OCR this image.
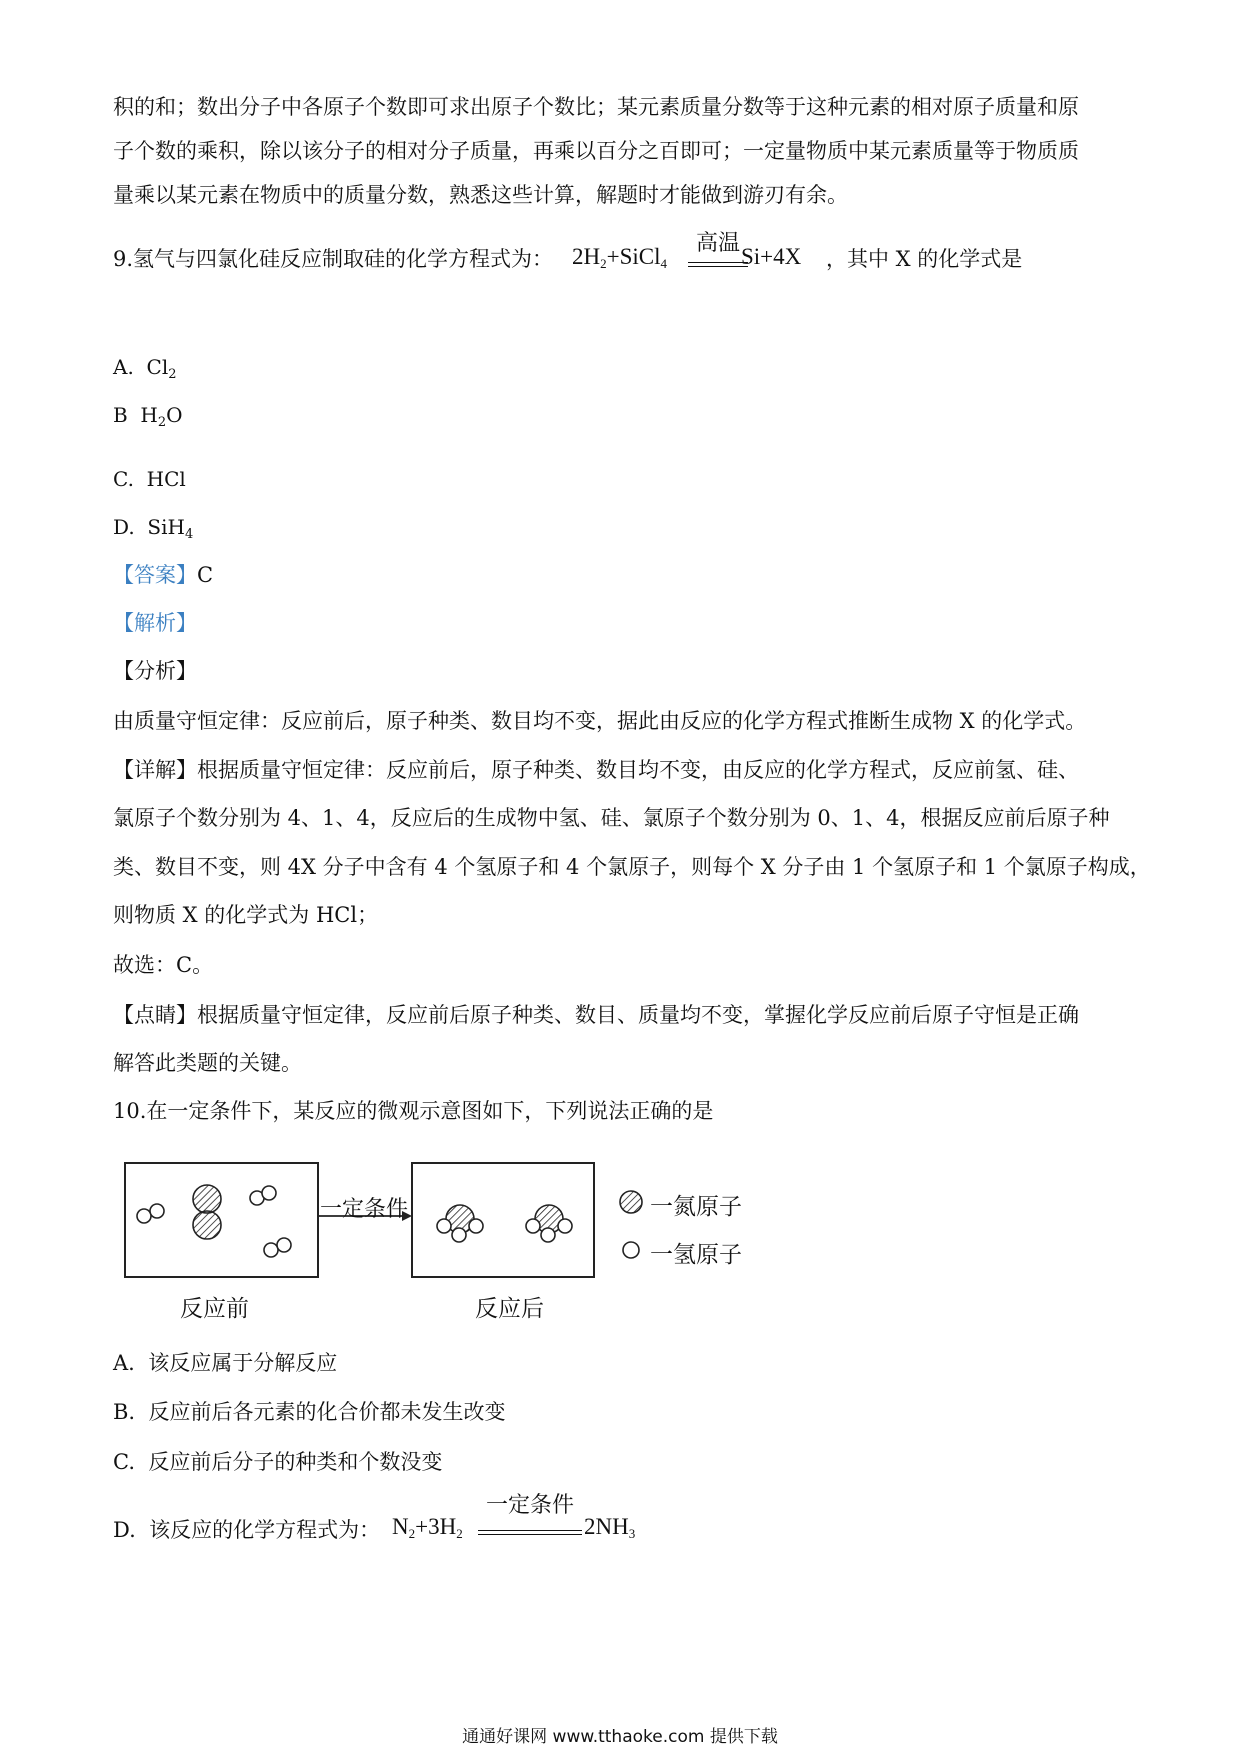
积的和；数出分子中各原子个数即可求出原子个数比；某元素质量分数等于这种元素的相对原子质量和原
子个数的乘积，除以该分子的相对分子质量，再乘以百分之百即可；一定量物质中某元素质量等于物质质
量乘以某元素在物质中的质量分数，熟悉这些计算，解题时才能做到游刃有余。
9.氢气与四氯化硅反应制取硅的化学方程式为： $2H_2+SiCl_4$
高温
Si+4X ，其中 X 的化学式是
A. $Cl_2$
B $H_2O$
C. HCl
D. SiH$_4$
【答案】C
【解析】
【分析】
由质量守恒定律：反应前后，原子种类、数目均不变，据此由反应的化学方程式推断生成物 X 的化学式。
【详解】根据质量守恒定律：反应前后，原子种类、数目均不变，由反应的化学方程式，反应前氢、硅、
氯原子个数分别为 4、1、4，反应后的生成物中氢、硅、氯原子个数分别为 0、1、4，根据反应前后原子种
类、数目不变，则 4X 分子中含有 4 个氢原子和 4 个氯原子，则每个 X 分子由 1 个氢原子和 1 个氯原子构成，
则物质 X 的化学式为 HCl；
故选：C。
【点睛】根据质量守恒定律，反应前后原子种类、数目、质量均不变，掌握化学反应前后原子守恒是正确
解答此类题的关键。
10.在一定条件下，某反应的微观示意图如下，下列说法正确的是
一定条件	一氮原子
一氢原子
反应前	反应后
A. 该反应属于分解反应
B. 反应前后各元素的化合价都未发生改变
C. 反应前后分子的种类和个数没变
D. 该反应的化学方程式为： $N_2+3H_2$
一定条件
$2NH_3$
通通好课网 www.tthaoke.com 提供下载
